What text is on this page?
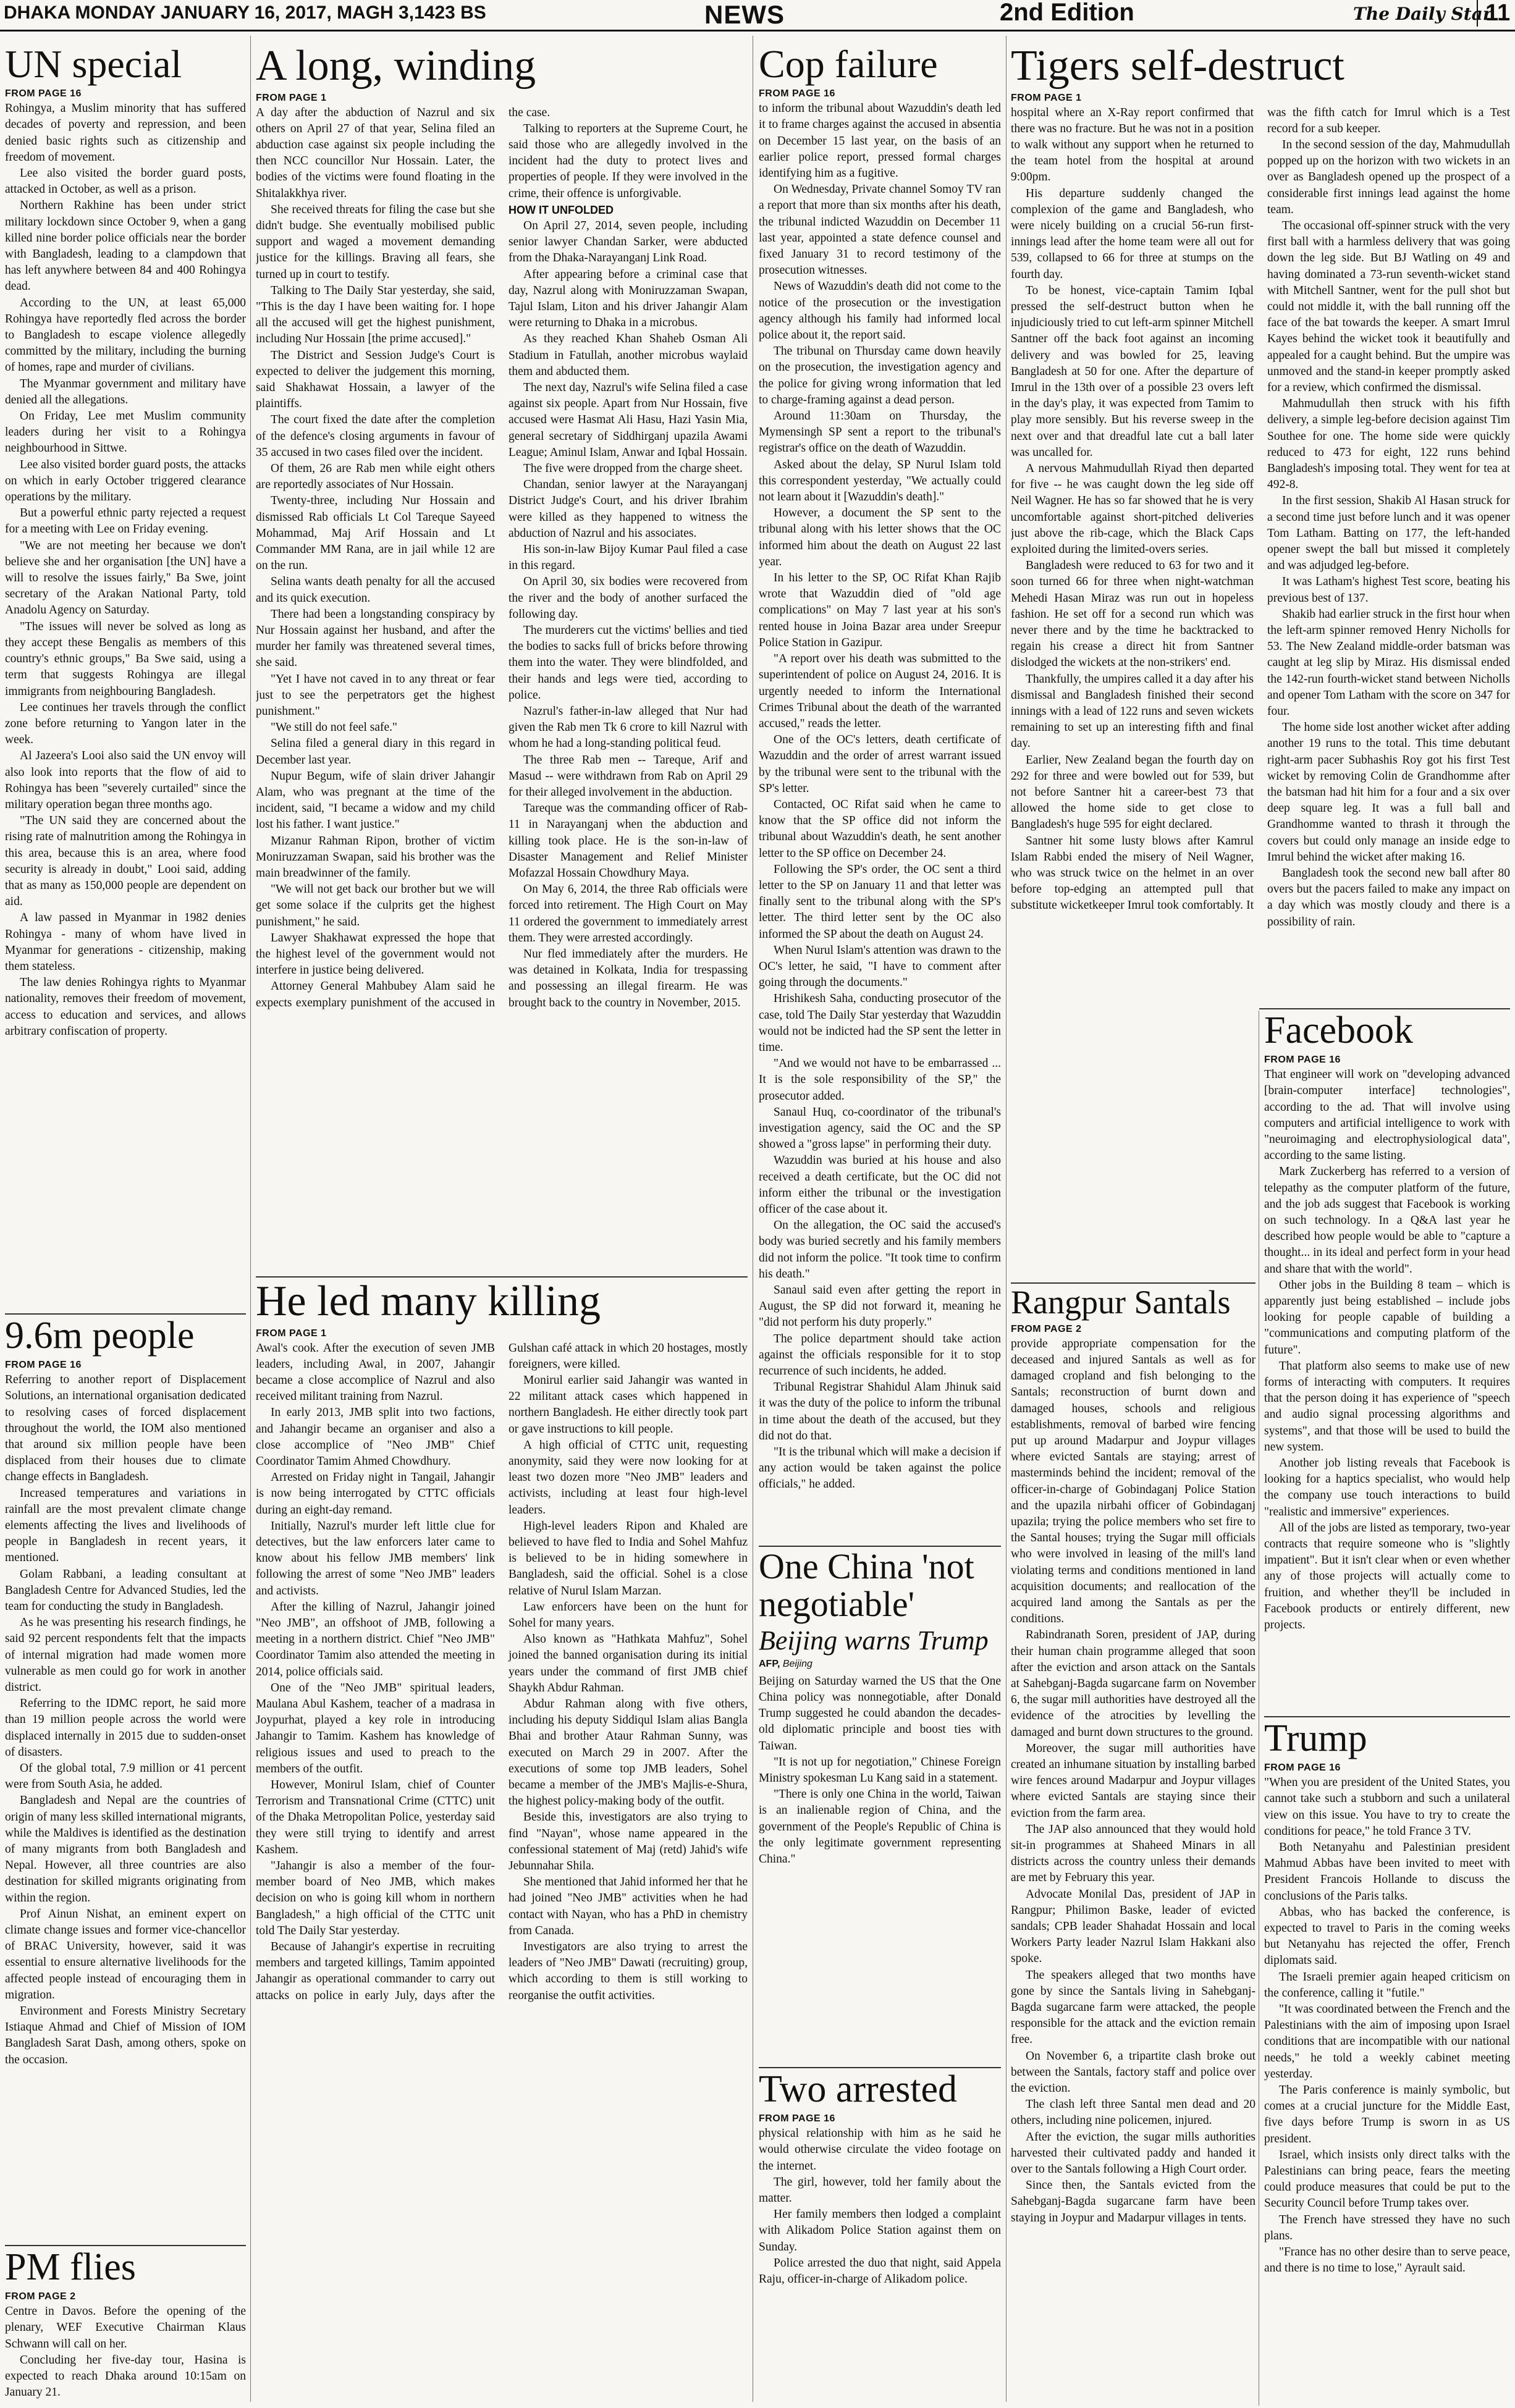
DHAKA MONDAY JANUARY 16, 2017, MAGH 3,1423 BS	NEWS	2nd Edition	The Daily Star
11
UN special
FROM PAGE 16

Rohingya, a Muslim minority that has suffered decades of poverty and repression, and been denied basic rights such as citizenship and freedom of movement.

Lee also visited the border guard posts, attacked in October, as well as a prison.

Northern Rakhine has been under strict military lockdown since October 9, when a gang killed nine border police officials near the border with Bangladesh, leading to a clampdown that has left anywhere between 84 and 400 Rohingya dead.

According to the UN, at least 65,000 Rohingya have reportedly fled across the border to Bangladesh to escape violence allegedly committed by the military, including the burning of homes, rape and murder of civilians.

The Myanmar government and military have denied all the allegations.

On Friday, Lee met Muslim community leaders during her visit to a Rohingya neighbourhood in Sittwe.

Lee also visited border guard posts, the attacks on which in early October triggered clearance operations by the military.

But a powerful ethnic party rejected a request for a meeting with Lee on Friday evening.

"We are not meeting her because we don't believe she and her organisation [the UN] have a will to resolve the issues fairly," Ba Swe, joint secretary of the Arakan National Party, told Anadolu Agency on Saturday.

"The issues will never be solved as long as they accept these Bengalis as members of this country's ethnic groups," Ba Swe said, using a term that suggests Rohingya are illegal immigrants from neighbouring Bangladesh.

Lee continues her travels through the conflict zone before returning to Yangon later in the week.

Al Jazeera's Looi also said the UN envoy will also look into reports that the flow of aid to Rohingya has been "severely curtailed" since the military operation began three months ago.

"The UN said they are concerned about the rising rate of malnutrition among the Rohingya in this area, because this is an area, where food security is already in doubt," Looi said, adding that as many as 150,000 people are dependent on aid.

A law passed in Myanmar in 1982 denies Rohingya - many of whom have lived in Myanmar for generations - citizenship, making them stateless.

The law denies Rohingya rights to Myanmar nationality, removes their freedom of movement, access to education and services, and allows arbitrary confiscation of property.

9.6m people
FROM PAGE 16

Referring to another report of Displacement Solutions, an international organisation dedicated to resolving cases of forced displacement throughout the world, the IOM also mentioned that around six million people have been displaced from their houses due to climate change effects in Bangladesh.

Increased temperatures and variations in rainfall are the most prevalent climate change elements affecting the lives and livelihoods of people in Bangladesh in recent years, it mentioned.

Golam Rabbani, a leading consultant at Bangladesh Centre for Advanced Studies, led the team for conducting the study in Bangladesh.

As he was presenting his research findings, he said 92 percent respondents felt that the impacts of internal migration had made women more vulnerable as men could go for work in another district.

Referring to the IDMC report, he said more than 19 million people across the world were displaced internally in 2015 due to sudden-onset of disasters.

Of the global total, 7.9 million or 41 percent were from South Asia, he added.

Bangladesh and Nepal are the countries of origin of many less skilled international migrants, while the Maldives is identified as the destination of many migrants from both Bangladesh and Nepal. However, all three countries are also destination for skilled migrants originating from within the region.

Prof Ainun Nishat, an eminent expert on climate change issues and former vice-chancellor of BRAC University, however, said it was essential to ensure alternative livelihoods for the affected people instead of encouraging them in migration.

Environment and Forests Ministry Secretary Istiaque Ahmad and Chief of Mission of IOM Bangladesh Sarat Dash, among others, spoke on the occasion.

PM flies
FROM PAGE 2

Centre in Davos. Before the opening of the plenary, WEF Executive Chairman Klaus Schwann will call on her.

Concluding her five-day tour, Hasina is expected to reach Dhaka around 10:15am on January 21.

A long, winding
FROM PAGE 1

A day after the abduction of Nazrul and six others on April 27 of that year, Selina filed an abduction case against six people including the then NCC councillor Nur Hossain. Later, the bodies of the victims were found floating in the Shitalakkhya river.

She received threats for filing the case but she didn't budge. She eventually mobilised public support and waged a movement demanding justice for the killings. Braving all fears, she turned up in court to testify.

Talking to The Daily Star yesterday, she said, "This is the day I have been waiting for. I hope all the accused will get the highest punishment, including Nur Hossain [the prime accused]."

The District and Session Judge's Court is expected to deliver the judgement this morning, said Shakhawat Hossain, a lawyer of the plaintiffs.

The court fixed the date after the completion of the defence's closing arguments in favour of 35 accused in two cases filed over the incident.

Of them, 26 are Rab men while eight others are reportedly associates of Nur Hossain.

Twenty-three, including Nur Hossain and dismissed Rab officials Lt Col Tareque Sayeed Mohammad, Maj Arif Hossain and Lt Commander MM Rana, are in jail while 12 are on the run.

Selina wants death penalty for all the accused and its quick execution.

There had been a longstanding conspiracy by Nur Hossain against her husband, and after the murder her family was threatened several times, she said.

"Yet I have not caved in to any threat or fear just to see the perpetrators get the highest punishment."

"We still do not feel safe."

Selina filed a general diary in this regard in December last year.

Nupur Begum, wife of slain driver Jahangir Alam, who was pregnant at the time of the incident, said, "I became a widow and my child lost his father. I want justice."

Mizanur Rahman Ripon, brother of victim Moniruzzaman Swapan, said his brother was the main breadwinner of the family.

"We will not get back our brother but we will get some solace if the culprits get the highest punishment," he said.

Lawyer Shakhawat expressed the hope that the highest level of the government would not interfere in justice being delivered.

Attorney General Mahbubey Alam said he expects exemplary punishment of the accused in the case.

Talking to reporters at the Supreme Court, he said those who are allegedly involved in the incident had the duty to protect lives and properties of people. If they were involved in the crime, their offence is unforgivable.

HOW IT UNFOLDED

On April 27, 2014, seven people, including senior lawyer Chandan Sarker, were abducted from the Dhaka-Narayanganj Link Road.

After appearing before a criminal case that day, Nazrul along with Moniruzzaman Swapan, Tajul Islam, Liton and his driver Jahangir Alam were returning to Dhaka in a microbus.

As they reached Khan Shaheb Osman Ali Stadium in Fatullah, another microbus waylaid them and abducted them.

The next day, Nazrul's wife Selina filed a case against six people. Apart from Nur Hossain, five accused were Hasmat Ali Hasu, Hazi Yasin Mia, general secretary of Siddhirganj upazila Awami League; Aminul Islam, Anwar and Iqbal Hossain.

The five were dropped from the charge sheet.

Chandan, senior lawyer at the Narayanganj District Judge's Court, and his driver Ibrahim were killed as they happened to witness the abduction of Nazrul and his associates.

His son-in-law Bijoy Kumar Paul filed a case in this regard.

On April 30, six bodies were recovered from the river and the body of another surfaced the following day.

The murderers cut the victims' bellies and tied the bodies to sacks full of bricks before throwing them into the water. They were blindfolded, and their hands and legs were tied, according to police.

Nazrul's father-in-law alleged that Nur had given the Rab men Tk 6 crore to kill Nazrul with whom he had a long-standing political feud.

The three Rab men -- Tareque, Arif and Masud -- were withdrawn from Rab on April 29 for their alleged involvement in the abduction.

Tareque was the commanding officer of Rab-11 in Narayanganj when the abduction and killing took place. He is the son-in-law of Disaster Management and Relief Minister Mofazzal Hossain Chowdhury Maya.

On May 6, 2014, the three Rab officials were forced into retirement. The High Court on May 11 ordered the government to immediately arrest them. They were arrested accordingly.

Nur fled immediately after the murders. He was detained in Kolkata, India for trespassing and possessing an illegal firearm. He was brought back to the country in November, 2015.

He led many killing
FROM PAGE 1

Awal's cook. After the execution of seven JMB leaders, including Awal, in 2007, Jahangir became a close accomplice of Nazrul and also received militant training from Nazrul.

In early 2013, JMB split into two factions, and Jahangir became an organiser and also a close accomplice of "Neo JMB" Chief Coordinator Tamim Ahmed Chowdhury.

Arrested on Friday night in Tangail, Jahangir is now being interrogated by CTTC officials during an eight-day remand.

Initially, Nazrul's murder left little clue for detectives, but the law enforcers later came to know about his fellow JMB members' link following the arrest of some "Neo JMB" leaders and activists.

After the killing of Nazrul, Jahangir joined "Neo JMB", an offshoot of JMB, following a meeting in a northern district. Chief "Neo JMB" Coordinator Tamim also attended the meeting in 2014, police officials said.

One of the "Neo JMB" spiritual leaders, Maulana Abul Kashem, teacher of a madrasa in Joypurhat, played a key role in introducing Jahangir to Tamim. Kashem has knowledge of religious issues and used to preach to the members of the outfit.

However, Monirul Islam, chief of Counter Terrorism and Transnational Crime (CTTC) unit of the Dhaka Metropolitan Police, yesterday said they were still trying to identify and arrest Kashem.

"Jahangir is also a member of the four-member board of Neo JMB, which makes decision on who is going kill whom in northern Bangladesh," a high official of the CTTC unit told The Daily Star yesterday.

Because of Jahangir's expertise in recruiting members and targeted killings, Tamim appointed Jahangir as operational commander to carry out attacks on police in early July, days after the Gulshan café attack in which 20 hostages, mostly foreigners, were killed.

Monirul earlier said Jahangir was wanted in 22 militant attack cases which happened in northern Bangladesh. He either directly took part or gave instructions to kill people.

A high official of CTTC unit, requesting anonymity, said they were now looking for at least two dozen more "Neo JMB" leaders and activists, including at least four high-level leaders.

High-level leaders Ripon and Khaled are believed to have fled to India and Sohel Mahfuz is believed to be in hiding somewhere in Bangladesh, said the official. Sohel is a close relative of Nurul Islam Marzan.

Law enforcers have been on the hunt for Sohel for many years.

Also known as "Hathkata Mahfuz", Sohel joined the banned organisation during its initial years under the command of first JMB chief Shaykh Abdur Rahman.

Abdur Rahman along with five others, including his deputy Siddiqul Islam alias Bangla Bhai and brother Ataur Rahman Sunny, was executed on March 29 in 2007. After the executions of some top JMB leaders, Sohel became a member of the JMB's Majlis-e-Shura, the highest policy-making body of the outfit.

Beside this, investigators are also trying to find "Nayan", whose name appeared in the confessional statement of Maj (retd) Jahid's wife Jebunnahar Shila.

She mentioned that Jahid informed her that he had joined "Neo JMB" activities when he had contact with Nayan, who has a PhD in chemistry from Canada.

Investigators are also trying to arrest the leaders of "Neo JMB" Dawati (recruiting) group, which according to them is still working to reorganise the outfit activities.

Cop failure
FROM PAGE 16

to inform the tribunal about Wazuddin's death led it to frame charges against the accused in absentia on December 15 last year, on the basis of an earlier police report, pressed formal charges identifying him as a fugitive.

On Wednesday, Private channel Somoy TV ran a report that more than six months after his death, the tribunal indicted Wazuddin on December 11 last year, appointed a state defence counsel and fixed January 31 to record testimony of the prosecution witnesses.

News of Wazuddin's death did not come to the notice of the prosecution or the investigation agency although his family had informed local police about it, the report said.

The tribunal on Thursday came down heavily on the prosecution, the investigation agency and the police for giving wrong information that led to charge-framing against a dead person.

Around 11:30am on Thursday, the Mymensingh SP sent a report to the tribunal's registrar's office on the death of Wazuddin.

Asked about the delay, SP Nurul Islam told this correspondent yesterday, "We actually could not learn about it [Wazuddin's death]."

However, a document the SP sent to the tribunal along with his letter shows that the OC informed him about the death on August 22 last year.

In his letter to the SP, OC Rifat Khan Rajib wrote that Wazuddin died of "old age complications" on May 7 last year at his son's rented house in Joina Bazar area under Sreepur Police Station in Gazipur.

"A report over his death was submitted to the superintendent of police on August 24, 2016. It is urgently needed to inform the International Crimes Tribunal about the death of the warranted accused," reads the letter.

One of the OC's letters, death certificate of Wazuddin and the order of arrest warrant issued by the tribunal were sent to the tribunal with the SP's letter.

Contacted, OC Rifat said when he came to know that the SP office did not inform the tribunal about Wazuddin's death, he sent another letter to the SP office on December 24.

Following the SP's order, the OC sent a third letter to the SP on January 11 and that letter was finally sent to the tribunal along with the SP's letter. The third letter sent by the OC also informed the SP about the death on August 24.

When Nurul Islam's attention was drawn to the OC's letter, he said, "I have to comment after going through the documents."

Hrishikesh Saha, conducting prosecutor of the case, told The Daily Star yesterday that Wazuddin would not be indicted had the SP sent the letter in time.

"And we would not have to be embarrassed ... It is the sole responsibility of the SP," the prosecutor added.

Sanaul Huq, co-coordinator of the tribunal's investigation agency, said the OC and the SP showed a "gross lapse" in performing their duty.

Wazuddin was buried at his house and also received a death certificate, but the OC did not inform either the tribunal or the investigation officer of the case about it.

On the allegation, the OC said the accused's body was buried secretly and his family members did not inform the police. "It took time to confirm his death."

Sanaul said even after getting the report in August, the SP did not forward it, meaning he "did not perform his duty properly."

The police department should take action against the officials responsible for it to stop recurrence of such incidents, he added.

Tribunal Registrar Shahidul Alam Jhinuk said it was the duty of the police to inform the tribunal in time about the death of the accused, but they did not do that.

"It is the tribunal which will make a decision if any action would be taken against the police officials," he added.

One China 'not negotiable'
Beijing warns Trump
AFP, Beijing

Beijing on Saturday warned the US that the One China policy was nonnegotiable, after Donald Trump suggested he could abandon the decades-old diplomatic principle and boost ties with Taiwan.

"It is not up for negotiation," Chinese Foreign Ministry spokesman Lu Kang said in a statement.

"There is only one China in the world, Taiwan is an inalienable region of China, and the government of the People's Republic of China is the only legitimate government representing China."

Two arrested
FROM PAGE 16

physical relationship with him as he said he would otherwise circulate the video footage on the internet.

The girl, however, told her family about the matter.

Her family members then lodged a complaint with Alikadom Police Station against them on Sunday.

Police arrested the duo that night, said Appela Raju, officer-in-charge of Alikadom police.

Tigers self-destruct
FROM PAGE 1

hospital where an X-Ray report confirmed that there was no fracture. But he was not in a position to walk without any support when he returned to the team hotel from the hospital at around 9:00pm.

His departure suddenly changed the complexion of the game and Bangladesh, who were nicely building on a crucial 56-run first-innings lead after the home team were all out for 539, collapsed to 66 for three at stumps on the fourth day.

To be honest, vice-captain Tamim Iqbal pressed the self-destruct button when he injudiciously tried to cut left-arm spinner Mitchell Santner off the back foot against an incoming delivery and was bowled for 25, leaving Bangladesh at 50 for one. After the departure of Imrul in the 13th over of a possible 23 overs left in the day's play, it was expected from Tamim to play more sensibly. But his reverse sweep in the next over and that dreadful late cut a ball later was uncalled for.

A nervous Mahmudullah Riyad then departed for five -- he was caught down the leg side off Neil Wagner. He has so far showed that he is very uncomfortable against short-pitched deliveries just above the rib-cage, which the Black Caps exploited during the limited-overs series.

Bangladesh were reduced to 63 for two and it soon turned 66 for three when night-watchman Mehedi Hasan Miraz was run out in hopeless fashion. He set off for a second run which was never there and by the time he backtracked to regain his crease a direct hit from Santner dislodged the wickets at the non-strikers' end.

Thankfully, the umpires called it a day after his dismissal and Bangladesh finished their second innings with a lead of 122 runs and seven wickets remaining to set up an interesting fifth and final day.

Earlier, New Zealand began the fourth day on 292 for three and were bowled out for 539, but not before Santner hit a career-best 73 that allowed the home side to get close to Bangladesh's huge 595 for eight declared.

Santner hit some lusty blows after Kamrul Islam Rabbi ended the misery of Neil Wagner, who was struck twice on the helmet in an over before top-edging an attempted pull that substitute wicketkeeper Imrul took comfortably. It was the fifth catch for Imrul which is a Test record for a sub keeper.

In the second session of the day, Mahmudullah popped up on the horizon with two wickets in an over as Bangladesh opened up the prospect of a considerable first innings lead against the home team.

The occasional off-spinner struck with the very first ball with a harmless delivery that was going down the leg side. But BJ Watling on 49 and having dominated a 73-run seventh-wicket stand with Mitchell Santner, went for the pull shot but could not middle it, with the ball running off the face of the bat towards the keeper. A smart Imrul Kayes behind the wicket took it beautifully and appealed for a caught behind. But the umpire was unmoved and the stand-in keeper promptly asked for a review, which confirmed the dismissal.

Mahmudullah then struck with his fifth delivery, a simple leg-before decision against Tim Southee for one. The home side were quickly reduced to 473 for eight, 122 runs behind Bangladesh's imposing total. They went for tea at 492-8.

In the first session, Shakib Al Hasan struck for a second time just before lunch and it was opener Tom Latham. Batting on 177, the left-handed opener swept the ball but missed it completely and was adjudged leg-before.

It was Latham's highest Test score, beating his previous best of 137.

Shakib had earlier struck in the first hour when the left-arm spinner removed Henry Nicholls for 53. The New Zealand middle-order batsman was caught at leg slip by Miraz. His dismissal ended the 142-run fourth-wicket stand between Nicholls and opener Tom Latham with the score on 347 for four.

The home side lost another wicket after adding another 19 runs to the total. This time debutant right-arm pacer Subhashis Roy got his first Test wicket by removing Colin de Grandhomme after the batsman had hit him for a four and a six over deep square leg. It was a full ball and Grandhomme wanted to thrash it through the covers but could only manage an inside edge to Imrul behind the wicket after making 16.

Bangladesh took the second new ball after 80 overs but the pacers failed to make any impact on a day which was mostly cloudy and there is a possibility of rain.

Rangpur Santals
FROM PAGE 2

provide appropriate compensation for the deceased and injured Santals as well as for damaged cropland and fish belonging to the Santals; reconstruction of burnt down and damaged houses, schools and religious establishments, removal of barbed wire fencing put up around Madarpur and Joypur villages where evicted Santals are staying; arrest of masterminds behind the incident; removal of the officer-in-charge of Gobindaganj Police Station and the upazila nirbahi officer of Gobindaganj upazila; trying the police members who set fire to the Santal houses; trying the Sugar mill officials who were involved in leasing of the mill's land violating terms and conditions mentioned in land acquisition documents; and reallocation of the acquired land among the Santals as per the conditions.

Rabindranath Soren, president of JAP, during their human chain programme alleged that soon after the eviction and arson attack on the Santals at Sahebganj-Bagda sugarcane farm on November 6, the sugar mill authorities have destroyed all the evidence of the atrocities by levelling the damaged and burnt down structures to the ground.

Moreover, the sugar mill authorities have created an inhumane situation by installing barbed wire fences around Madarpur and Joypur villages where evicted Santals are staying since their eviction from the farm area.

The JAP also announced that they would hold sit-in programmes at Shaheed Minars in all districts across the country unless their demands are met by February this year.

Advocate Monilal Das, president of JAP in Rangpur; Philimon Baske, leader of evicted sandals; CPB leader Shahadat Hossain and local Workers Party leader Nazrul Islam Hakkani also spoke.

The speakers alleged that two months have gone by since the Santals living in Sahebganj-Bagda sugarcane farm were attacked, the people responsible for the attack and the eviction remain free.

On November 6, a tripartite clash broke out between the Santals, factory staff and police over the eviction.

The clash left three Santal men dead and 20 others, including nine policemen, injured.

After the eviction, the sugar mills authorities harvested their cultivated paddy and handed it over to the Santals following a High Court order.

Since then, the Santals evicted from the Sahebganj-Bagda sugarcane farm have been staying in Joypur and Madarpur villages in tents.

Facebook
FROM PAGE 16

That engineer will work on "developing advanced [brain-computer interface] technologies", according to the ad. That will involve using computers and artificial intelligence to work with "neuroimaging and electrophysiological data", according to the same listing.

Mark Zuckerberg has referred to a version of telepathy as the computer platform of the future, and the job ads suggest that Facebook is working on such technology. In a Q&A last year he described how people would be able to "capture a thought... in its ideal and perfect form in your head and share that with the world".

Other jobs in the Building 8 team – which is apparently just being established – include jobs looking for people capable of building a "communications and computing platform of the future".

That platform also seems to make use of new forms of interacting with computers. It requires that the person doing it has experience of "speech and audio signal processing algorithms and systems", and that those will be used to build the new system.

Another job listing reveals that Facebook is looking for a haptics specialist, who would help the company use touch interactions to build "realistic and immersive" experiences.

All of the jobs are listed as temporary, two-year contracts that require someone who is "slightly impatient". But it isn't clear when or even whether any of those projects will actually come to fruition, and whether they'll be included in Facebook products or entirely different, new projects.

Trump
FROM PAGE 16

"When you are president of the United States, you cannot take such a stubborn and such a unilateral view on this issue. You have to try to create the conditions for peace," he told France 3 TV.

Both Netanyahu and Palestinian president Mahmud Abbas have been invited to meet with President Francois Hollande to discuss the conclusions of the Paris talks.

Abbas, who has backed the conference, is expected to travel to Paris in the coming weeks but Netanyahu has rejected the offer, French diplomats said.

The Israeli premier again heaped criticism on the conference, calling it "futile."

"It was coordinated between the French and the Palestinians with the aim of imposing upon Israel conditions that are incompatible with our national needs," he told a weekly cabinet meeting yesterday.

The Paris conference is mainly symbolic, but comes at a crucial juncture for the Middle East, five days before Trump is sworn in as US president.

Israel, which insists only direct talks with the Palestinians can bring peace, fears the meeting could produce measures that could be put to the Security Council before Trump takes over.

The French have stressed they have no such plans.

"France has no other desire than to serve peace, and there is no time to lose," Ayrault said.
